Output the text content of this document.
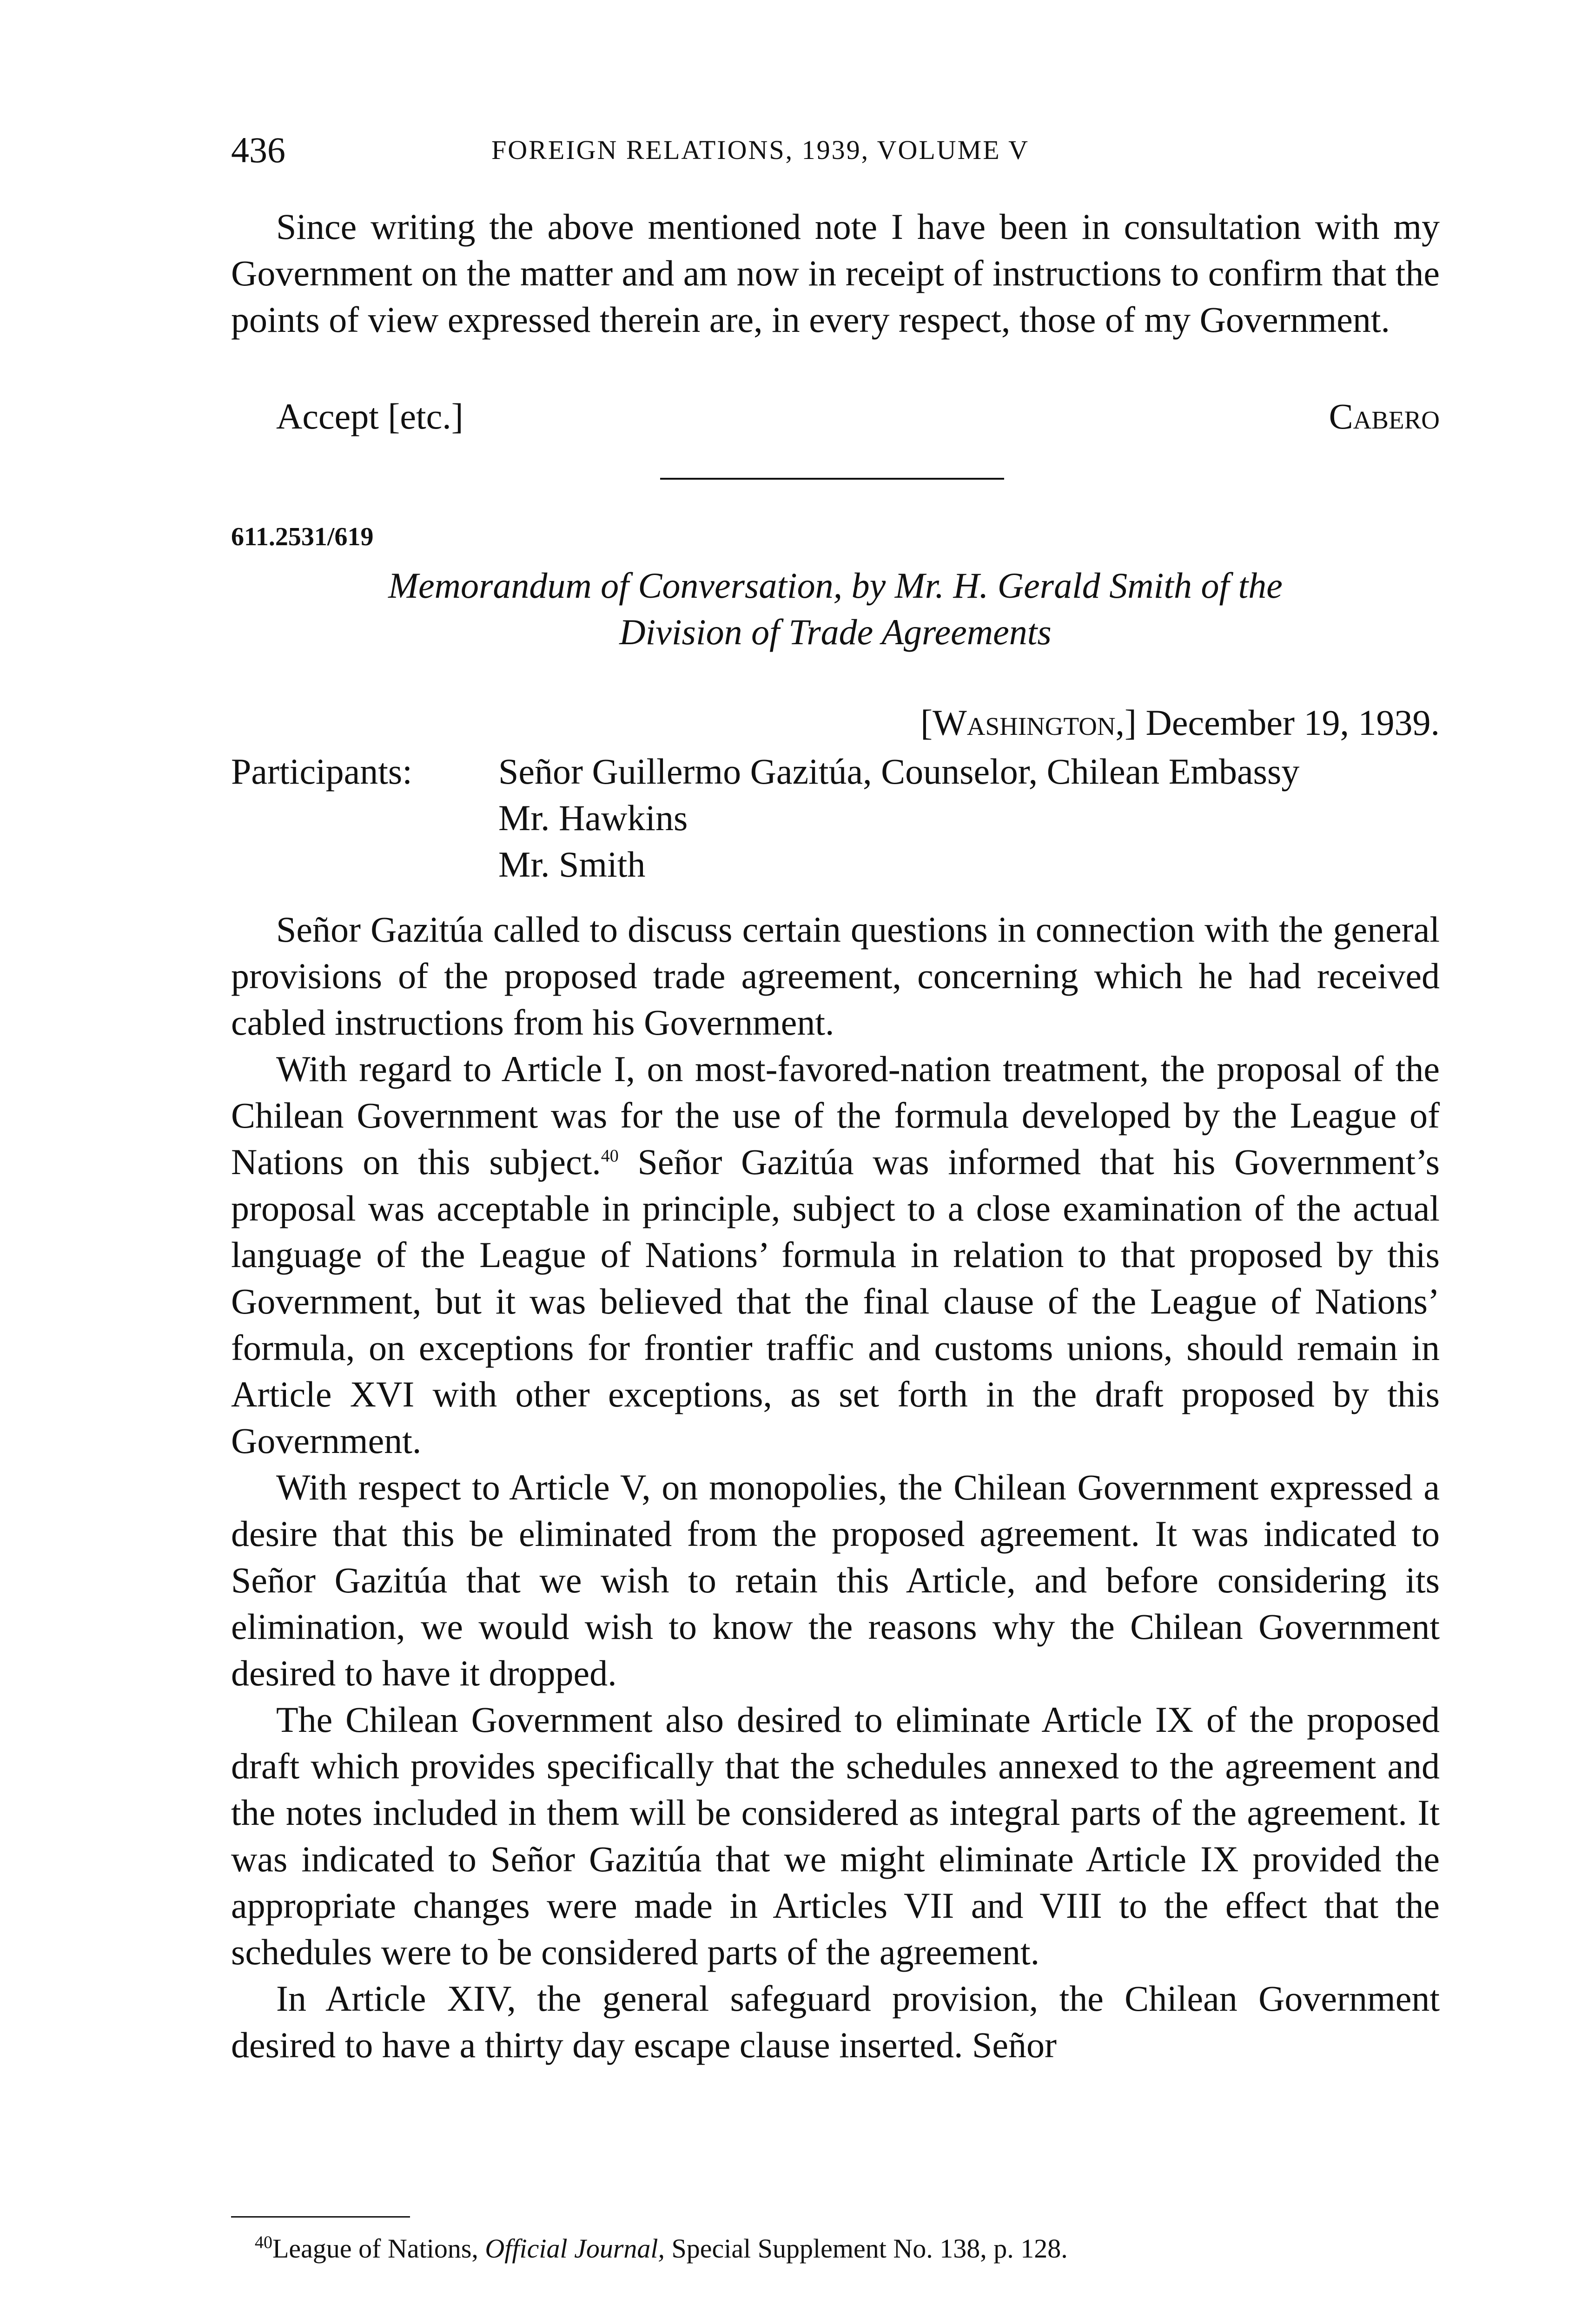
436	FOREIGN RELATIONS, 1939, VOLUME V

Since writing the above mentioned note I have been in consultation with my Government on the matter and am now in receipt of instructions to confirm that the points of view expressed therein are, in every respect, those of my Government.

Accept [etc.]	Cabero
611.2531/619
Memorandum of Conversation, by Mr. H. Gerald Smith of the
Division of Trade Agreements
[Washington,] December 19, 1939.
Participants: Señor Guillermo Gazitúa, Counselor, Chilean Embassy
Mr. Hawkins
Mr. Smith

Señor Gazitúa called to discuss certain questions in connection with the general provisions of the proposed trade agreement, concerning which he had received cabled instructions from his Government.

With regard to Article I, on most-favored-nation treatment, the proposal of the Chilean Government was for the use of the formula developed by the League of Nations on this subject.$^{40}$ Señor Gazitúa was informed that his Government’s proposal was acceptable in principle, subject to a close examination of the actual language of the League of Nations’ formula in relation to that proposed by this Government, but it was believed that the final clause of the League of Nations’ formula, on exceptions for frontier traffic and customs unions, should remain in Article XVI with other exceptions, as set forth in the draft proposed by this Government.

With respect to Article V, on monopolies, the Chilean Government expressed a desire that this be eliminated from the proposed agreement. It was indicated to Señor Gazitúa that we wish to retain this Article, and before considering its elimination, we would wish to know the reasons why the Chilean Government desired to have it dropped.

The Chilean Government also desired to eliminate Article IX of the proposed draft which provides specifically that the schedules annexed to the agreement and the notes included in them will be considered as integral parts of the agreement. It was indicated to Señor Gazitúa that we might eliminate Article IX provided the appropriate changes were made in Articles VII and VIII to the effect that the schedules were to be considered parts of the agreement.

In Article XIV, the general safeguard provision, the Chilean Government desired to have a thirty day escape clause inserted. Señor

$^{40}$League of Nations, Official Journal, Special Supplement No. 138, p. 128.
